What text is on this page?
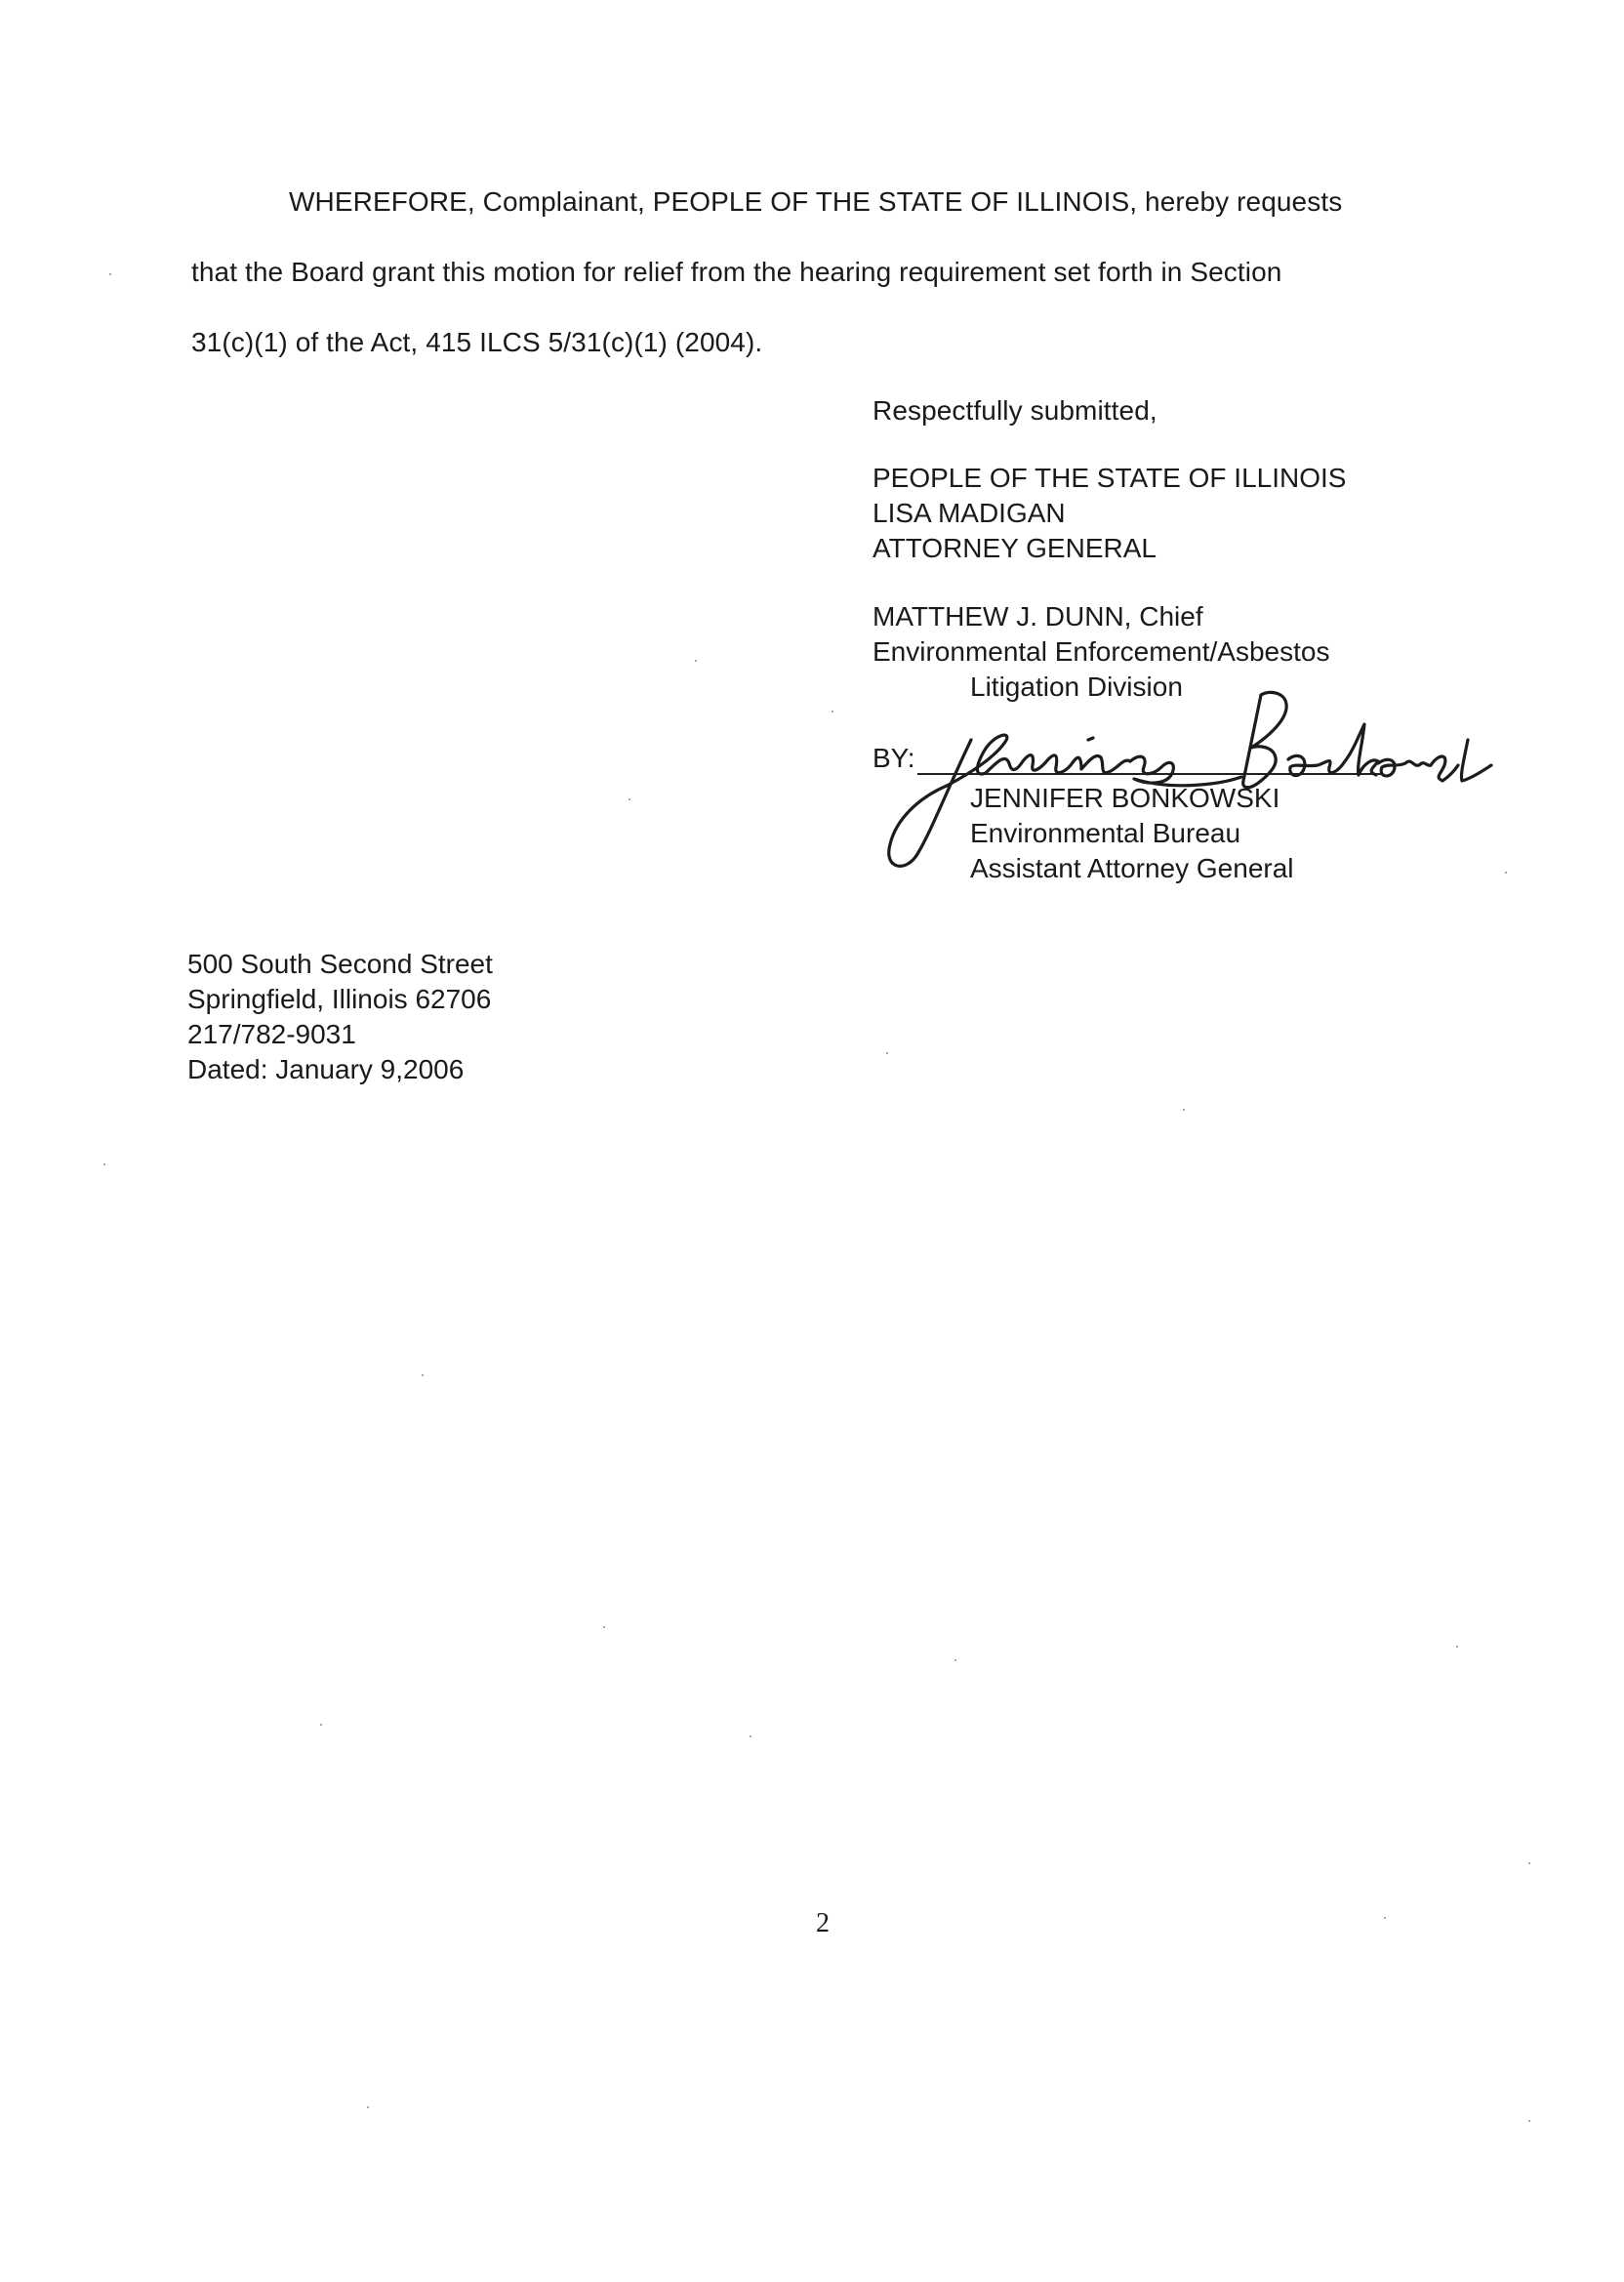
WHEREFORE, Complainant, PEOPLE OF THE STATE OF ILLINOIS, hereby requests
that the Board grant this motion for relief from the hearing requirement set forth in Section
31(c)(1) of the Act, 415 ILCS 5/31(c)(1) (2004).
Respectfully submitted,
PEOPLE OF THE STATE OF ILLINOIS
LISA MADIGAN
ATTORNEY GENERAL
MATTHEW J. DUNN, Chief
Environmental Enforcement/Asbestos
Litigation Division
BY:
JENNIFER BONKOWSKI
Environmental Bureau
Assistant Attorney General
500 South Second Street
Springfield, Illinois 62706
217/782-9031
Dated: January 9,2006
2
